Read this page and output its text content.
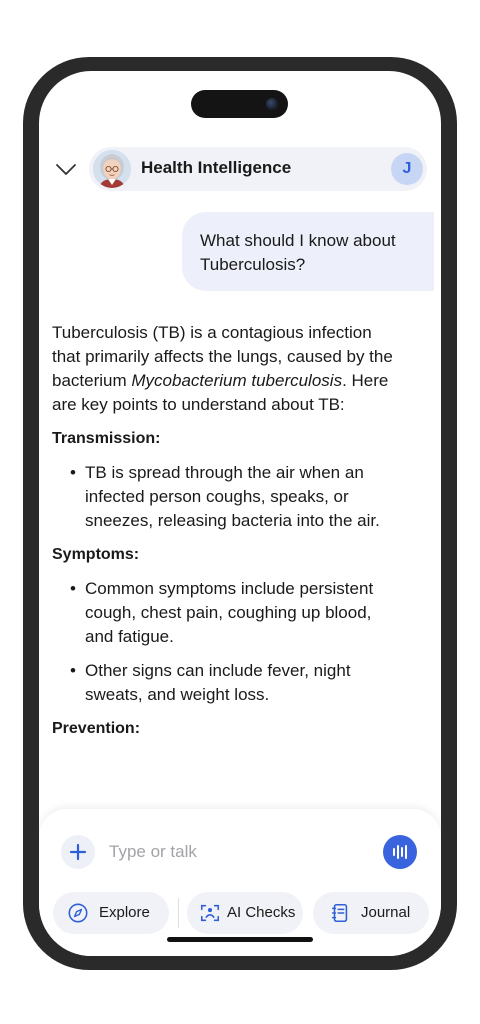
Health Intelligence	J
What should I know about Tuberculosis?

Tuberculosis (TB) is a contagious infection that primarily affects the lungs, caused by the bacterium Mycobacterium tuberculosis. Here are key points to understand about TB:

Transmission:
• TB is spread through the air when an infected person coughs, speaks, or sneezes, releasing bacteria into the air.
Symptoms:
• Common symptoms include persistent cough, chest pain, coughing up blood, and fatigue.
• Other signs can include fever, night sweats, and weight loss.
Prevention:
Type or talk
Explore	AI Checks	Journal
